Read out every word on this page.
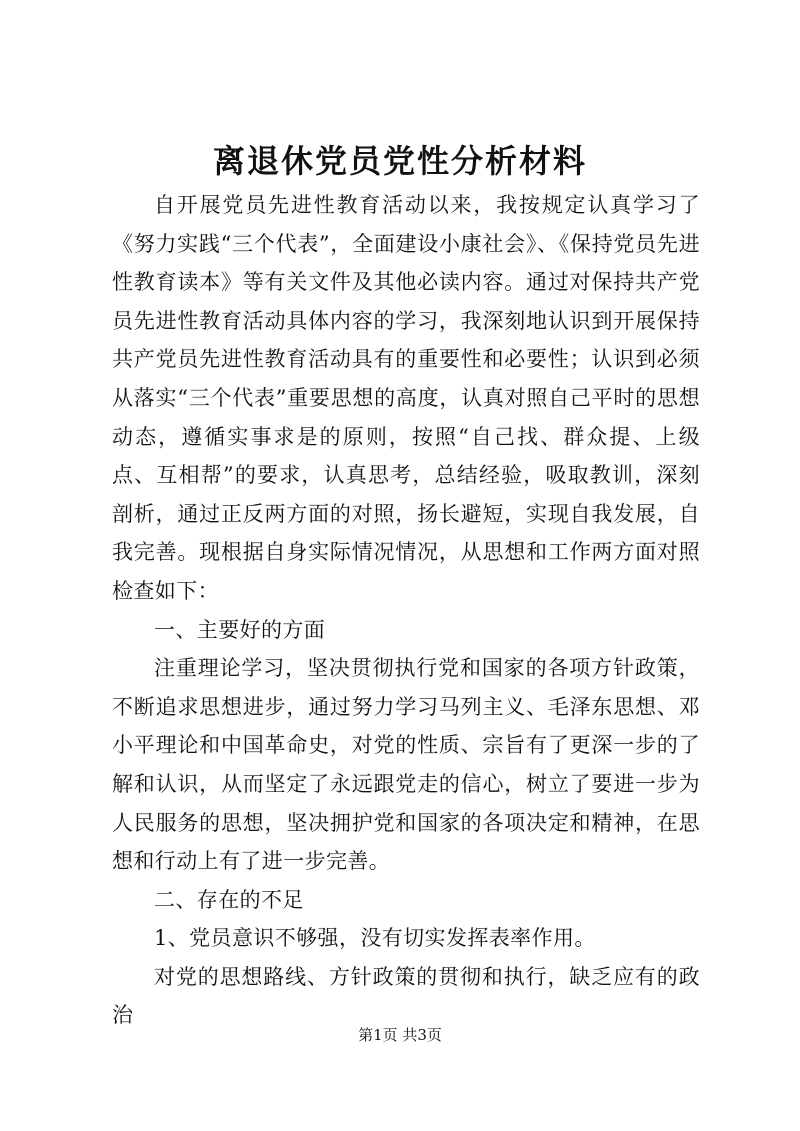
离退休党员党性分析材料

自开展党员先进性教育活动以来，我按规定认真学习了《努力实践“三个代表”，全面建设小康社会》、《保持党员先进性教育读本》等有关文件及其他必读内容。通过对保持共产党员先进性教育活动具体内容的学习，我深刻地认识到开展保持共产党员先进性教育活动具有的重要性和必要性；认识到必须从落实“三个代表”重要思想的高度，认真对照自己平时的思想动态，遵循实事求是的原则，按照“自己找、群众提、上级点、互相帮”的要求，认真思考，总结经验，吸取教训，深刻剖析，通过正反两方面的对照，扬长避短，实现自我发展，自我完善。现根据自身实际情况情况，从思想和工作两方面对照检查如下：

一、主要好的方面

注重理论学习，坚决贯彻执行党和国家的各项方针政策，不断追求思想进步，通过努力学习马列主义、毛泽东思想、邓小平理论和中国革命史，对党的性质、宗旨有了更深一步的了解和认识，从而坚定了永远跟党走的信心，树立了要进一步为人民服务的思想，坚决拥护党和国家的各项决定和精神，在思想和行动上有了进一步完善。

二、存在的不足

1、党员意识不够强，没有切实发挥表率作用。

对党的思想路线、方针政策的贯彻和执行，缺乏应有的政治

第1页 共3页
